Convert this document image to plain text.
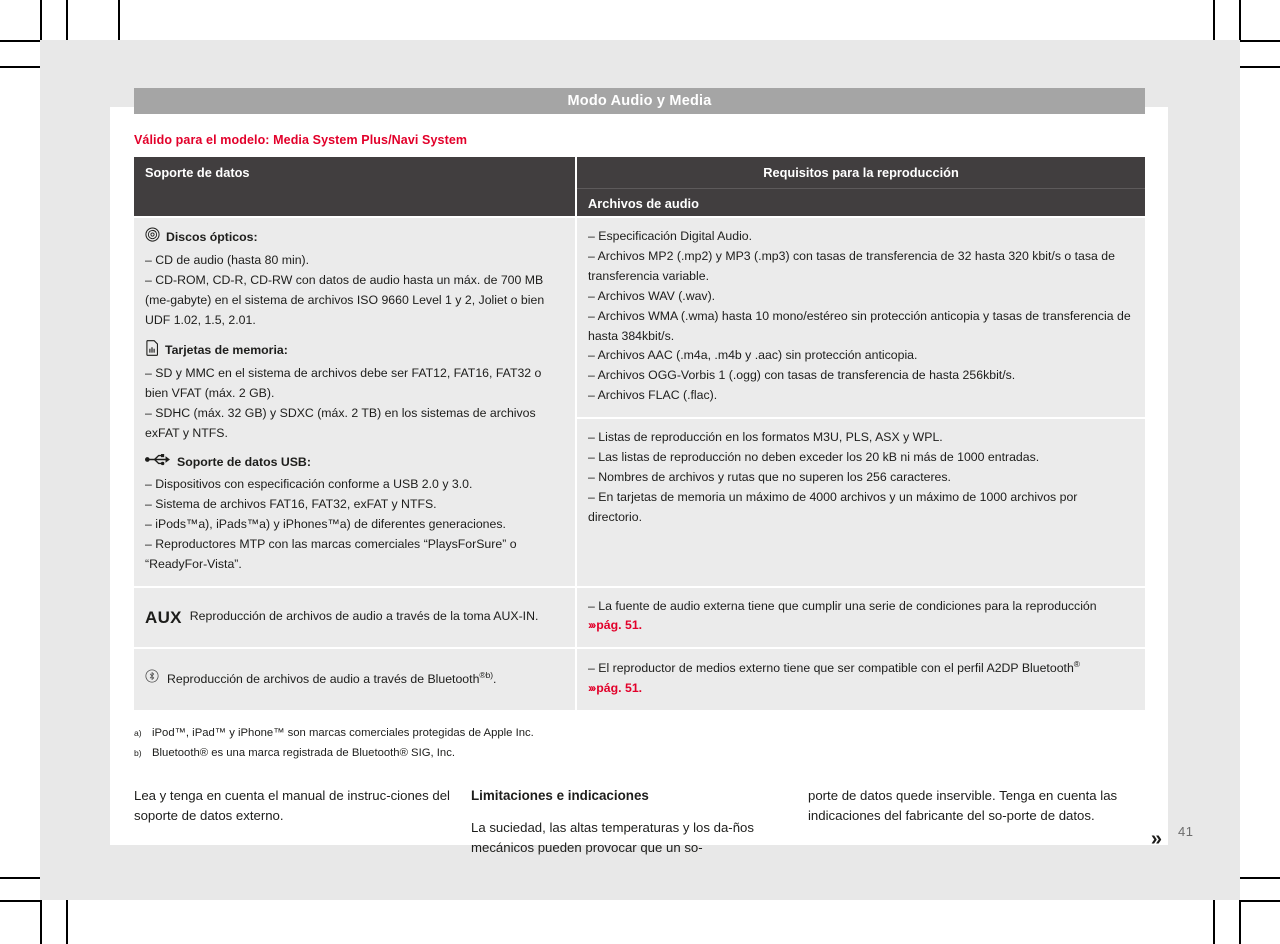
41
Modo Audio y Media

Válido para el modelo: Media System Plus/Navi System

Soporte de datos	Requisitos para la reproducción
Archivos de audio
Discos ópticos:

– CD de audio (hasta 80 min).

– CD-ROM, CD-R, CD-RW con datos de audio hasta un máx. de 700 MB (me-gabyte) en el sistema de archivos ISO 9660 Level 1 y 2, Joliet o bien UDF 1.02, 1.5, 2.01.

Tarjetas de memoria:

– SD y MMC en el sistema de archivos debe ser FAT12, FAT16, FAT32 o bien VFAT (máx. 2 GB).

– SDHC (máx. 32 GB) y SDXC (máx. 2 TB) en los sistemas de archivos exFAT y NTFS.

Soporte de datos USB:

– Dispositivos con especificación conforme a USB 2.0 y 3.0.

– Sistema de archivos FAT16, FAT32, exFAT y NTFS.

– iPods™a), iPads™a) y iPhones™a) de diferentes generaciones.

– Reproductores MTP con las marcas comerciales “PlaysForSure” o “ReadyFor-Vista”.

– Especificación Digital Audio.

– Archivos MP2 (.mp2) y MP3 (.mp3) con tasas de transferencia de 32 hasta 320 kbit/s o tasa de transferencia variable.

– Archivos WAV (.wav).

– Archivos WMA (.wma) hasta 10 mono/estéreo sin protección anticopia y tasas de transferencia de hasta 384kbit/s.

– Archivos AAC (.m4a, .m4b y .aac) sin protección anticopia.

– Archivos OGG-Vorbis 1 (.ogg) con tasas de transferencia de hasta 256kbit/s.

– Archivos FLAC (.flac).

– Listas de reproducción en los formatos M3U, PLS, ASX y WPL.

– Las listas de reproducción no deben exceder los 20 kB ni más de 1000 entradas.

– Nombres de archivos y rutas que no superen los 256 caracteres.

– En tarjetas de memoria un máximo de 4000 archivos y un máximo de 1000 archivos por directorio.

AUX Reproducción de archivos de audio a través de la toma AUX-IN.

– La fuente de audio externa tiene que cumplir una serie de condiciones para la reproducción

››› pág. 51.

Reproducción de archivos de audio a través de Bluetooth$^{®b)}$.

– El reproductor de medios externo tiene que ser compatible con el perfil A2DP Bluetooth®

››› pág. 51.

a) iPod™, iPad™ y iPhone™ son marcas comerciales protegidas de Apple Inc.
b) Bluetooth® es una marca registrada de Bluetooth® SIG, Inc.

Lea y tenga en cuenta el manual de instruc-ciones del soporte de datos externo.

Limitaciones e indicaciones

La suciedad, las altas temperaturas y los da-ños mecánicos pueden provocar que un so-

porte de datos quede inservible. Tenga en cuenta las indicaciones del fabricante del so-porte de datos.

»
